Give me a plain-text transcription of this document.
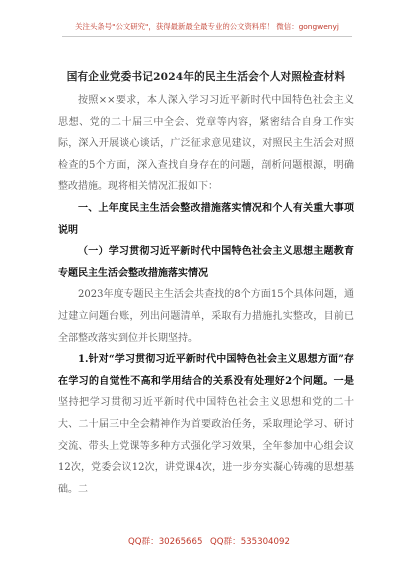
关注头条号"公文研究"，获得最新最全最专业的公文资料库！ 微信：gongwenyj
国有企业党委书记2024年的民主生活会个人对照检查材料

按照××要求，本人深入学习习近平新时代中国特色社会主义思想、党的二十届三中全会、党章等内容，紧密结合自身工作实际，深入开展谈心谈话，广泛征求意见建议，对照民主生活会对照检查的5个方面，深入查找自身存在的问题，剖析问题根源，明确整改措施。现将相关情况汇报如下：

一、上年度民主生活会整改措施落实情况和个人有关重大事项说明

（一）学习贯彻习近平新时代中国特色社会主义思想主题教育专题民主生活会整改措施落实情况

2023年度专题民主生活会共查找的8个方面15个具体问题，通过建立问题台账，列出问题清单，采取有力措施扎实整改，目前已全部整改落实到位并长期坚持。

1.针对“学习贯彻习近平新时代中国特色社会主义思想方面”存在学习的自觉性不高和学用结合的关系没有处理好2个问题。一是坚持把学习贯彻习近平新时代中国特色社会主义思想和党的二十大、二十届三中全会精神作为首要政治任务，采取理论学习、研讨交流、带头上党课等多种方式强化学习效果，全年参加中心组会议12次，党委会议12次，讲党课4次，进一步夯实凝心铸魂的思想基础。二

QQ群：30265665 QQ群：535304092
